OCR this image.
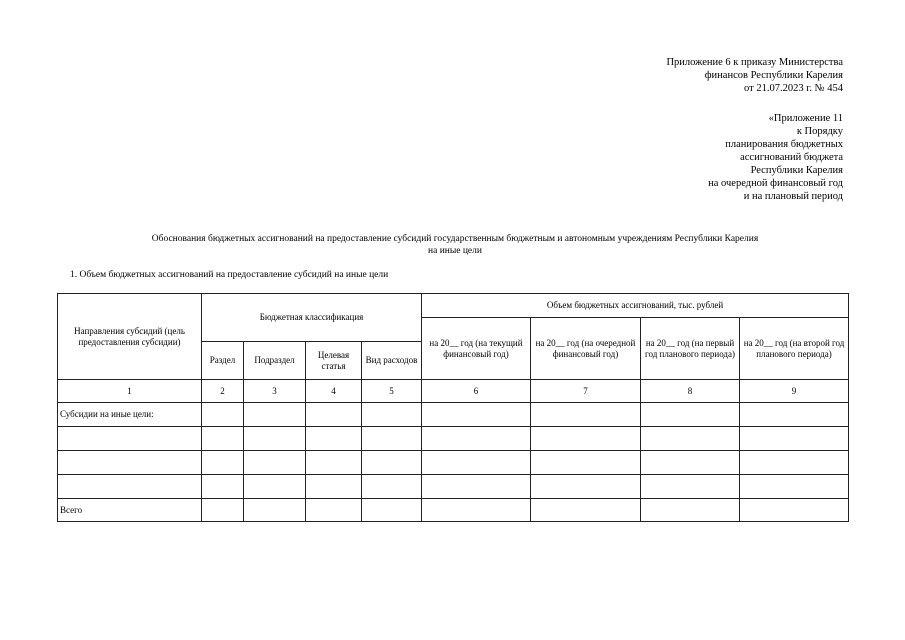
Приложение 6 к приказу Министерства
финансов Республики Карелия
от 21.07.2023 г. № 454
«Приложение 11
к Порядку
планирования бюджетных
ассигнований бюджета
Республики Карелия
на очередной финансовый год
и на плановый период
Обоснования бюджетных ассигнований на предоставление субсидий государственным бюджетным и автономным учреждениям Республики Карелия
на иные цели
1. Объем бюджетных ассигнований на предоставление субсидий на иные цели
Направления субсидий (цель предоставления субсидии)	Бюджетная классификация				Объем бюджетных ассигнований, тыс. рублей			
					на 20__ год (на текущий финансовый год)	на 20__ год (на очередной финансовый год)	на 20__ год (на первый год планового периода)	на 20__ год (на второй год планового периода)
	Раздел	Подраздел	Целевая статья	Вид расходов				
1	2	3	4	5	6	7	8	9
Субсидии на иные цели:								

Всего								
